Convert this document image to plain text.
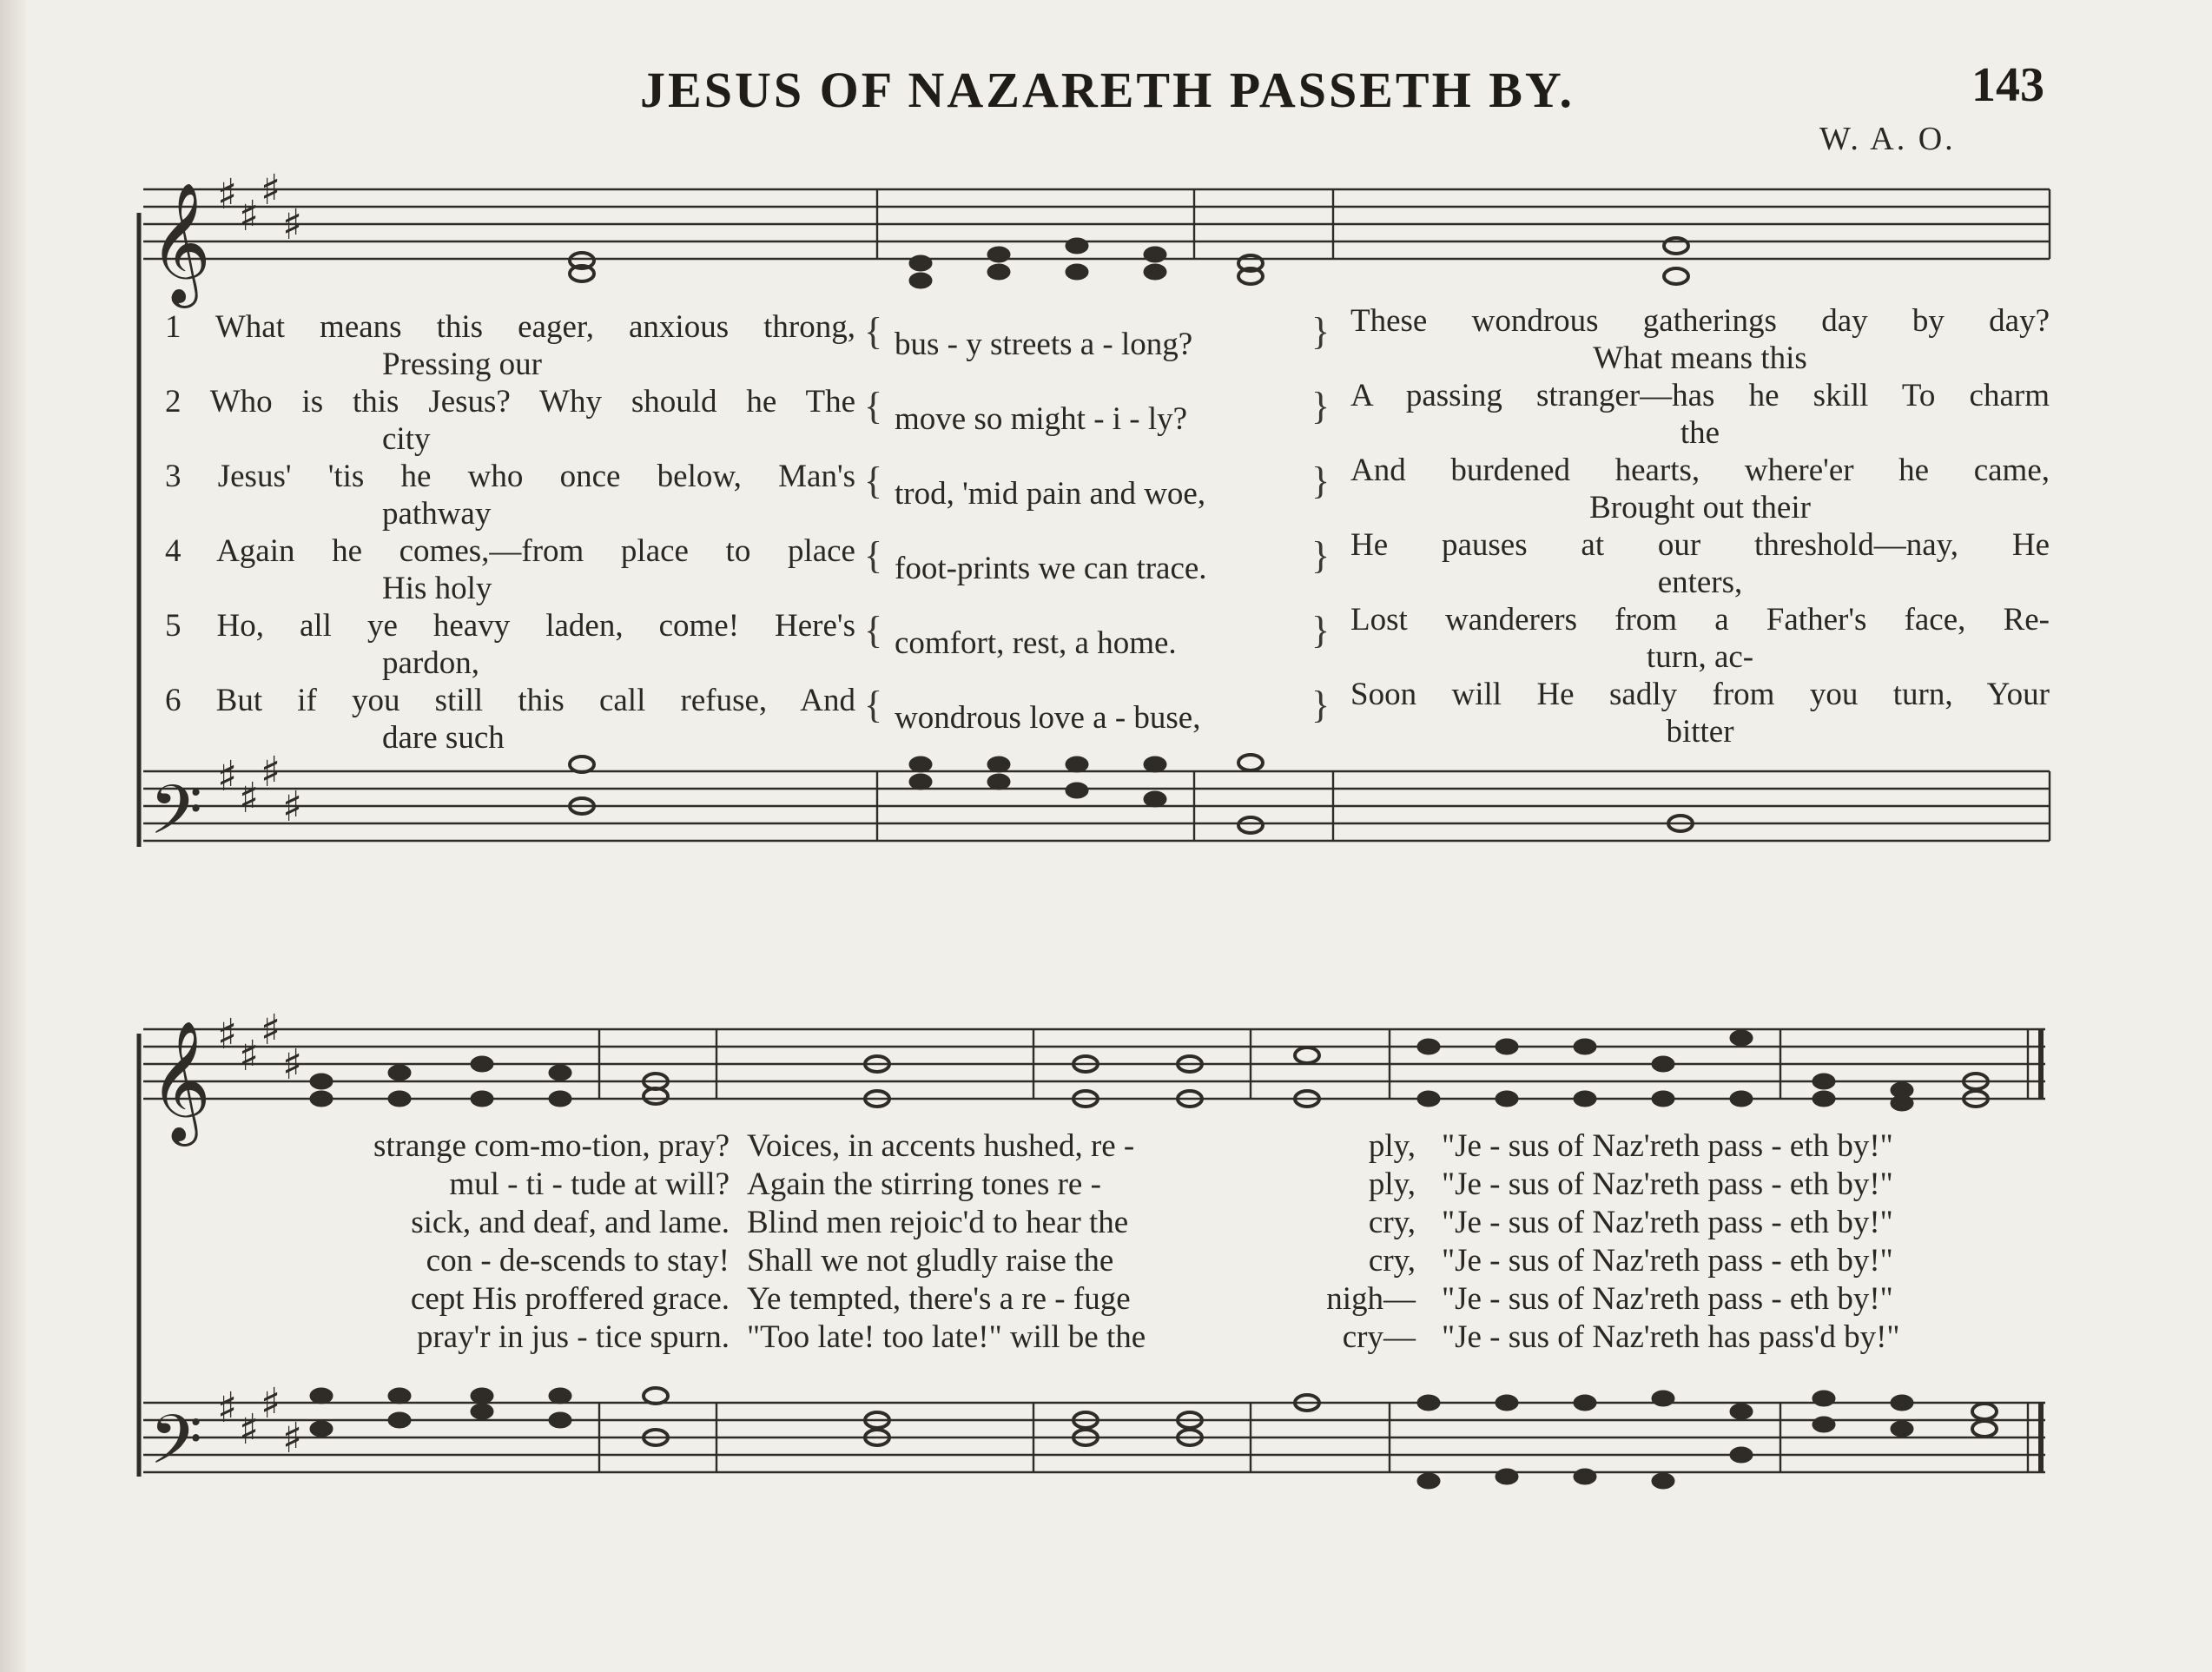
JESUS OF NAZARETH PASSETH BY.	143
W. A. O.
𝄞
𝄢
𝄞
𝄢
♯ ♯
♯
♯
♯ ♯
♯
♯
♯ ♯
♯
♯
♯ ♯
♯
♯
1 What means this eager, anxious throng,
Pressing our
2 Who is this Jesus? Why should he The
city
3 Jesus' 'tis he who once below, Man's
pathway
4 Again he comes,—from place to place
His holy
5 Ho, all ye heavy laden, come! Here's
pardon,
6 But if you still this call refuse, And
dare such
{
{
{
{
{
{
}
}
}
}
}
}
bus - y streets a - long?
move so might - i - ly?
trod, 'mid pain and woe,
foot-prints we can trace.
comfort, rest, a home.
wondrous love a - buse,
These wondrous gatherings day by day?
What means this
A passing stranger—has he skill To charm
the
And burdened hearts, where'er he came,
Brought out their
He pauses at our threshold—nay, He
enters,
Lost wanderers from a Father's face, Re-
turn, ac-
Soon will He sadly from you turn, Your
bitter
strange com-mo-tion, pray? Voices, in accents hushed, re -	ply, "Je - sus of Naz'reth pass - eth by!"
mul - ti - tude at will? Again the stirring tones re -	ply, "Je - sus of Naz'reth pass - eth by!"
sick, and deaf, and lame. Blind men rejoic'd to hear the	cry, "Je - sus of Naz'reth pass - eth by!"
con - de-scends to stay! Shall we not gludly raise the	cry, "Je - sus of Naz'reth pass - eth by!"
cept His proffered grace. Ye tempted, there's a re - fuge	nigh— "Je - sus of Naz'reth pass - eth by!"
pray'r in jus - tice spurn. "Too late! too late!" will be the	cry— "Je - sus of Naz'reth has pass'd by!"
